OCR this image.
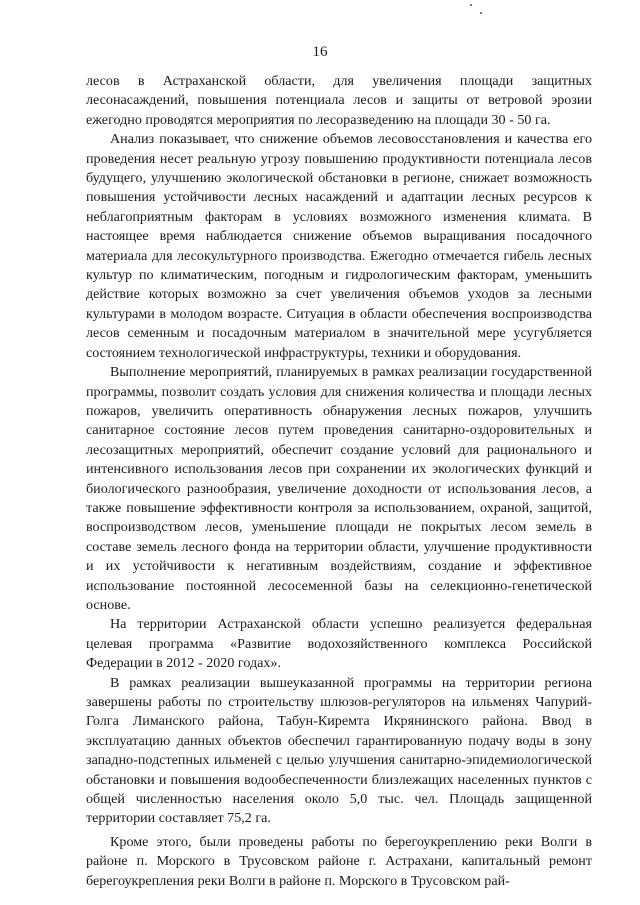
16

лесов в Астраханской области, для увеличения площади защитных лесонасаждений, повышения потенциала лесов и защиты от ветровой эрозии ежегодно проводятся мероприятия по лесоразведению на площади 30 - 50 га.

Анализ показывает, что снижение объемов лесовосстановления и качества его проведения несет реальную угрозу повышению продуктивности потенциала лесов будущего, улучшению экологической обстановки в регионе, снижает возможность повышения устойчивости лесных насаждений и адаптации лесных ресурсов к неблагоприятным факторам в условиях возможного изменения климата. В настоящее время наблюдается снижение объемов выращивания посадочного материала для лесокультурного производства. Ежегодно отмечается гибель лесных культур по климатическим, погодным и гидрологическим факторам, уменьшить действие которых возможно за счет увеличения объемов уходов за лесными культурами в молодом возрасте. Ситуация в области обеспечения воспроизводства лесов семенным и посадочным материалом в значительной мере усугубляется состоянием технологической инфраструктуры, техники и оборудования.

Выполнение мероприятий, планируемых в рамках реализации государственной программы, позволит создать условия для снижения количества и площади лесных пожаров, увеличить оперативность обнаружения лесных пожаров, улучшить санитарное состояние лесов путем проведения санитарно-оздоровительных и лесозащитных мероприятий, обеспечит создание условий для рационального и интенсивного использования лесов при сохранении их экологических функций и биологического разнообразия, увеличение доходности от использования лесов, а также повышение эффективности контроля за использованием, охраной, защитой, воспроизводством лесов, уменьшение площади не покрытых лесом земель в составе земель лесного фонда на территории области, улучшение продуктивности и их устойчивости к негативным воздействиям, создание и эффективное использование постоянной лесосеменной базы на селекционно-генетической основе.

На территории Астраханской области успешно реализуется федеральная целевая программа «Развитие водохозяйственного комплекса Российской Федерации в 2012 - 2020 годах».

В рамках реализации вышеуказанной программы на территории региона завершены работы по строительству шлюзов-регуляторов на ильменях Чапурий-Голга Лиманского района, Табун-Киремта Икрянинского района. Ввод в эксплуатацию данных объектов обеспечил гарантированную подачу воды в зону западно-подстепных ильменей с целью улучшения санитарно-эпидемиологической обстановки и повышения водообеспеченности близлежащих населенных пунктов с общей численностью населения около 5,0 тыс. чел. Площадь защищенной территории составляет 75,2 га.

Кроме этого, были проведены работы по берегоукреплению реки Волги в районе п. Морского в Трусовском районе г. Астрахани, капитальный ремонт берегоукрепления реки Волги в районе п. Морского в Трусовском рай-
